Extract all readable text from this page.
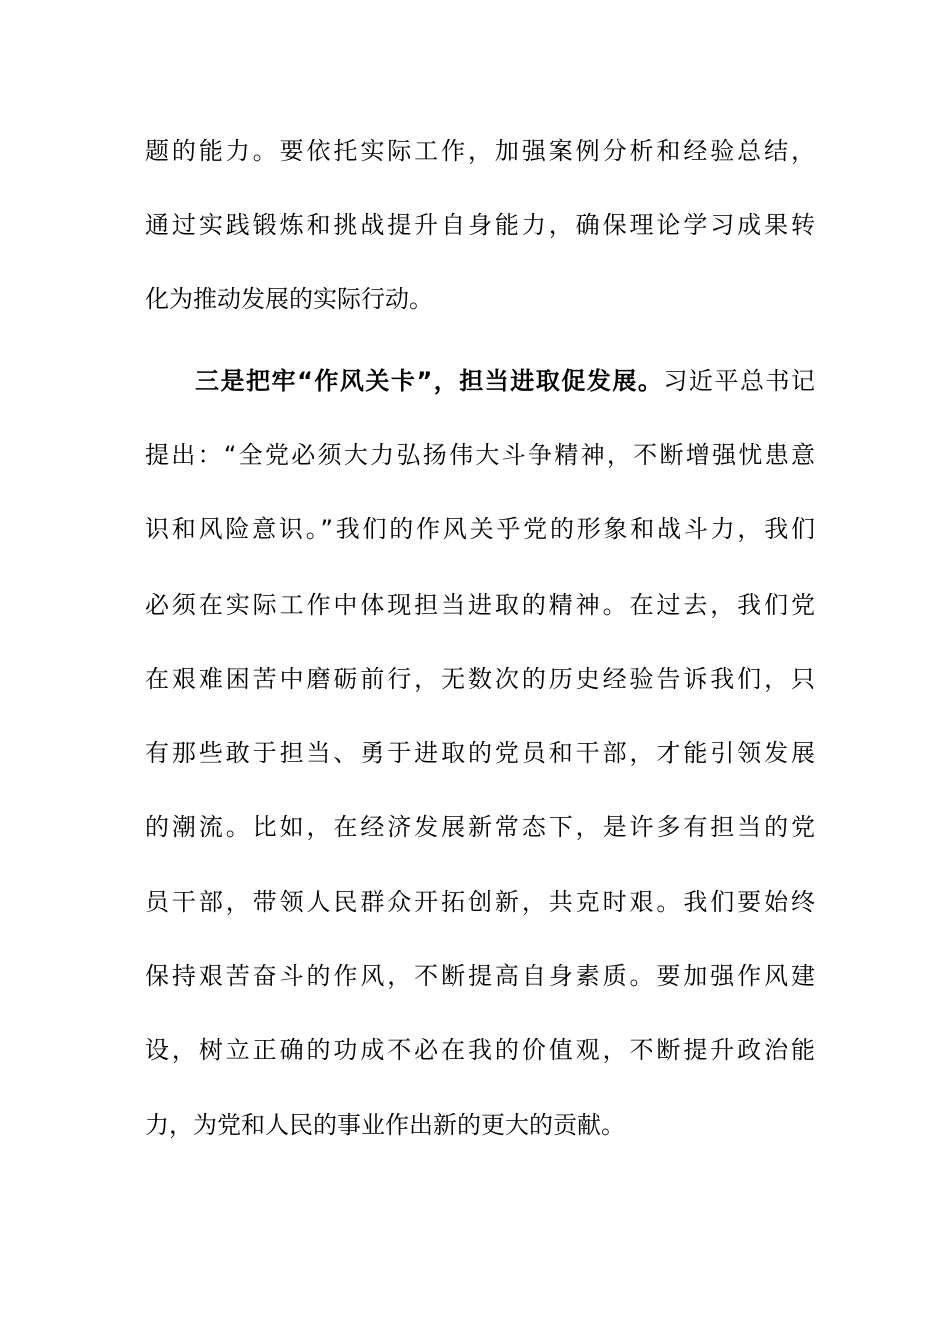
题的能力。要依托实际工作，加强案例分析和经验总结，
通过实践锻炼和挑战提升自身能力，确保理论学习成果转
化为推动发展的实际行动。
三是把牢“作风关卡”，担当进取促发展。习近平总书记
提出：“全党必须大力弘扬伟大斗争精神，不断增强忧患意
识和风险意识。”我们的作风关乎党的形象和战斗力，我们
必须在实际工作中体现担当进取的精神。在过去，我们党
在艰难困苦中磨砺前行，无数次的历史经验告诉我们，只
有那些敢于担当、勇于进取的党员和干部，才能引领发展
的潮流。比如，在经济发展新常态下，是许多有担当的党
员干部，带领人民群众开拓创新，共克时艰。我们要始终
保持艰苦奋斗的作风，不断提高自身素质。要加强作风建
设，树立正确的功成不必在我的价值观，不断提升政治能
力，为党和人民的事业作出新的更大的贡献。
